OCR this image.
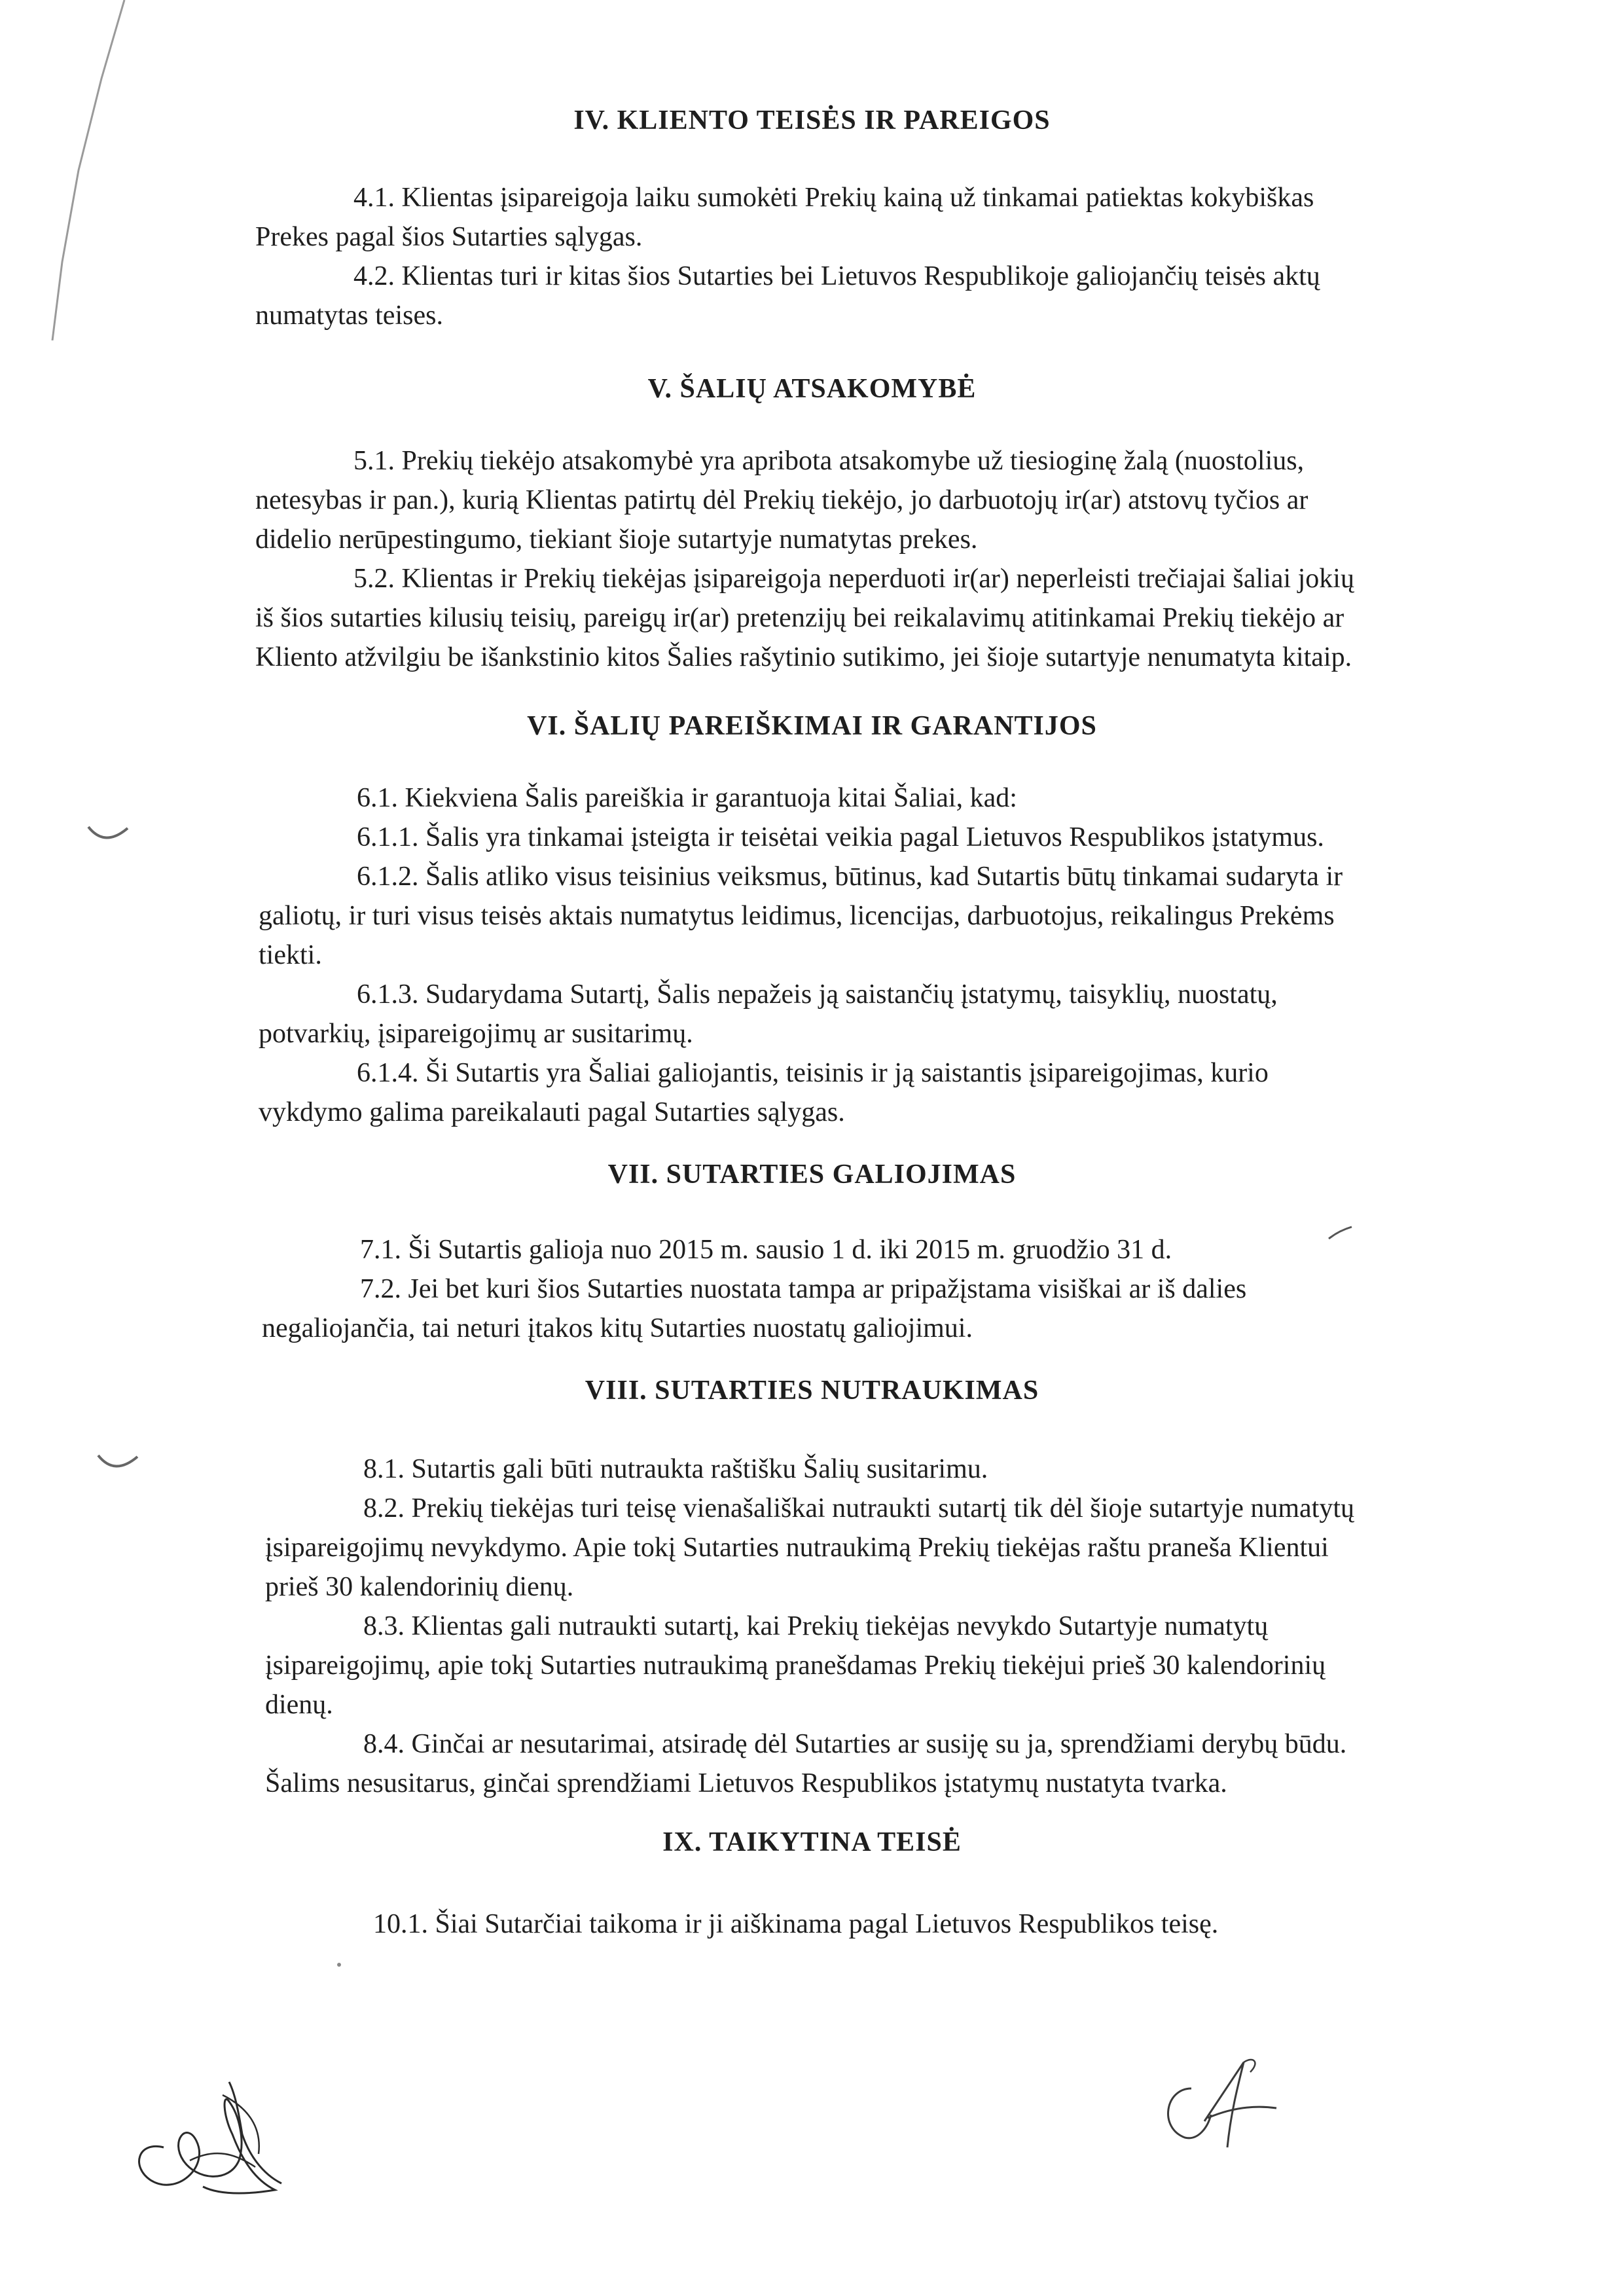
IV. KLIENTO TEISĖS IR PAREIGOS
4.1. Klientas įsipareigoja laiku sumokėti Prekių kainą už tinkamai patiektas kokybiškas
Prekes pagal šios Sutarties sąlygas.
4.2. Klientas turi ir kitas šios Sutarties bei Lietuvos Respublikoje galiojančių teisės aktų
numatytas teises.
V. ŠALIŲ ATSAKOMYBĖ
5.1. Prekių tiekėjo atsakomybė yra apribota atsakomybe už tiesioginę žalą (nuostolius,
netesybas ir pan.), kurią Klientas patirtų dėl Prekių tiekėjo, jo darbuotojų ir(ar) atstovų tyčios ar
didelio nerūpestingumo, tiekiant šioje sutartyje numatytas prekes.
5.2. Klientas ir Prekių tiekėjas įsipareigoja neperduoti ir(ar) neperleisti trečiajai šaliai jokių
iš šios sutarties kilusių teisių, pareigų ir(ar) pretenzijų bei reikalavimų atitinkamai Prekių tiekėjo ar
Kliento atžvilgiu be išankstinio kitos Šalies rašytinio sutikimo, jei šioje sutartyje nenumatyta kitaip.
VI. ŠALIŲ PAREIŠKIMAI IR GARANTIJOS
6.1. Kiekviena Šalis pareiškia ir garantuoja kitai Šaliai, kad:
6.1.1. Šalis yra tinkamai įsteigta ir teisėtai veikia pagal Lietuvos Respublikos įstatymus.
6.1.2. Šalis atliko visus teisinius veiksmus, būtinus, kad Sutartis būtų tinkamai sudaryta ir
galiotų, ir turi visus teisės aktais numatytus leidimus, licencijas, darbuotojus, reikalingus Prekėms
tiekti.
6.1.3. Sudarydama Sutartį, Šalis nepažeis ją saistančių įstatymų, taisyklių, nuostatų,
potvarkių, įsipareigojimų ar susitarimų.
6.1.4. Ši Sutartis yra Šaliai galiojantis, teisinis ir ją saistantis įsipareigojimas, kurio
vykdymo galima pareikalauti pagal Sutarties sąlygas.
VII. SUTARTIES GALIOJIMAS
7.1. Ši Sutartis galioja nuo 2015 m. sausio 1 d. iki 2015 m. gruodžio 31 d.
7.2. Jei bet kuri šios Sutarties nuostata tampa ar pripažįstama visiškai ar iš dalies
negaliojančia, tai neturi įtakos kitų Sutarties nuostatų galiojimui.
VIII. SUTARTIES NUTRAUKIMAS
8.1. Sutartis gali būti nutraukta raštišku Šalių susitarimu.
8.2. Prekių tiekėjas turi teisę vienašališkai nutraukti sutartį tik dėl šioje sutartyje numatytų
įsipareigojimų nevykdymo. Apie tokį Sutarties nutraukimą Prekių tiekėjas raštu praneša Klientui
prieš 30 kalendorinių dienų.
8.3. Klientas gali nutraukti sutartį, kai Prekių tiekėjas nevykdo Sutartyje numatytų
įsipareigojimų, apie tokį Sutarties nutraukimą pranešdamas Prekių tiekėjui prieš 30 kalendorinių
dienų.
8.4. Ginčai ar nesutarimai, atsiradę dėl Sutarties ar susiję su ja, sprendžiami derybų būdu.
Šalims nesusitarus, ginčai sprendžiami Lietuvos Respublikos įstatymų nustatyta tvarka.
IX. TAIKYTINA TEISĖ
10.1. Šiai Sutarčiai taikoma ir ji aiškinama pagal Lietuvos Respublikos teisę.
